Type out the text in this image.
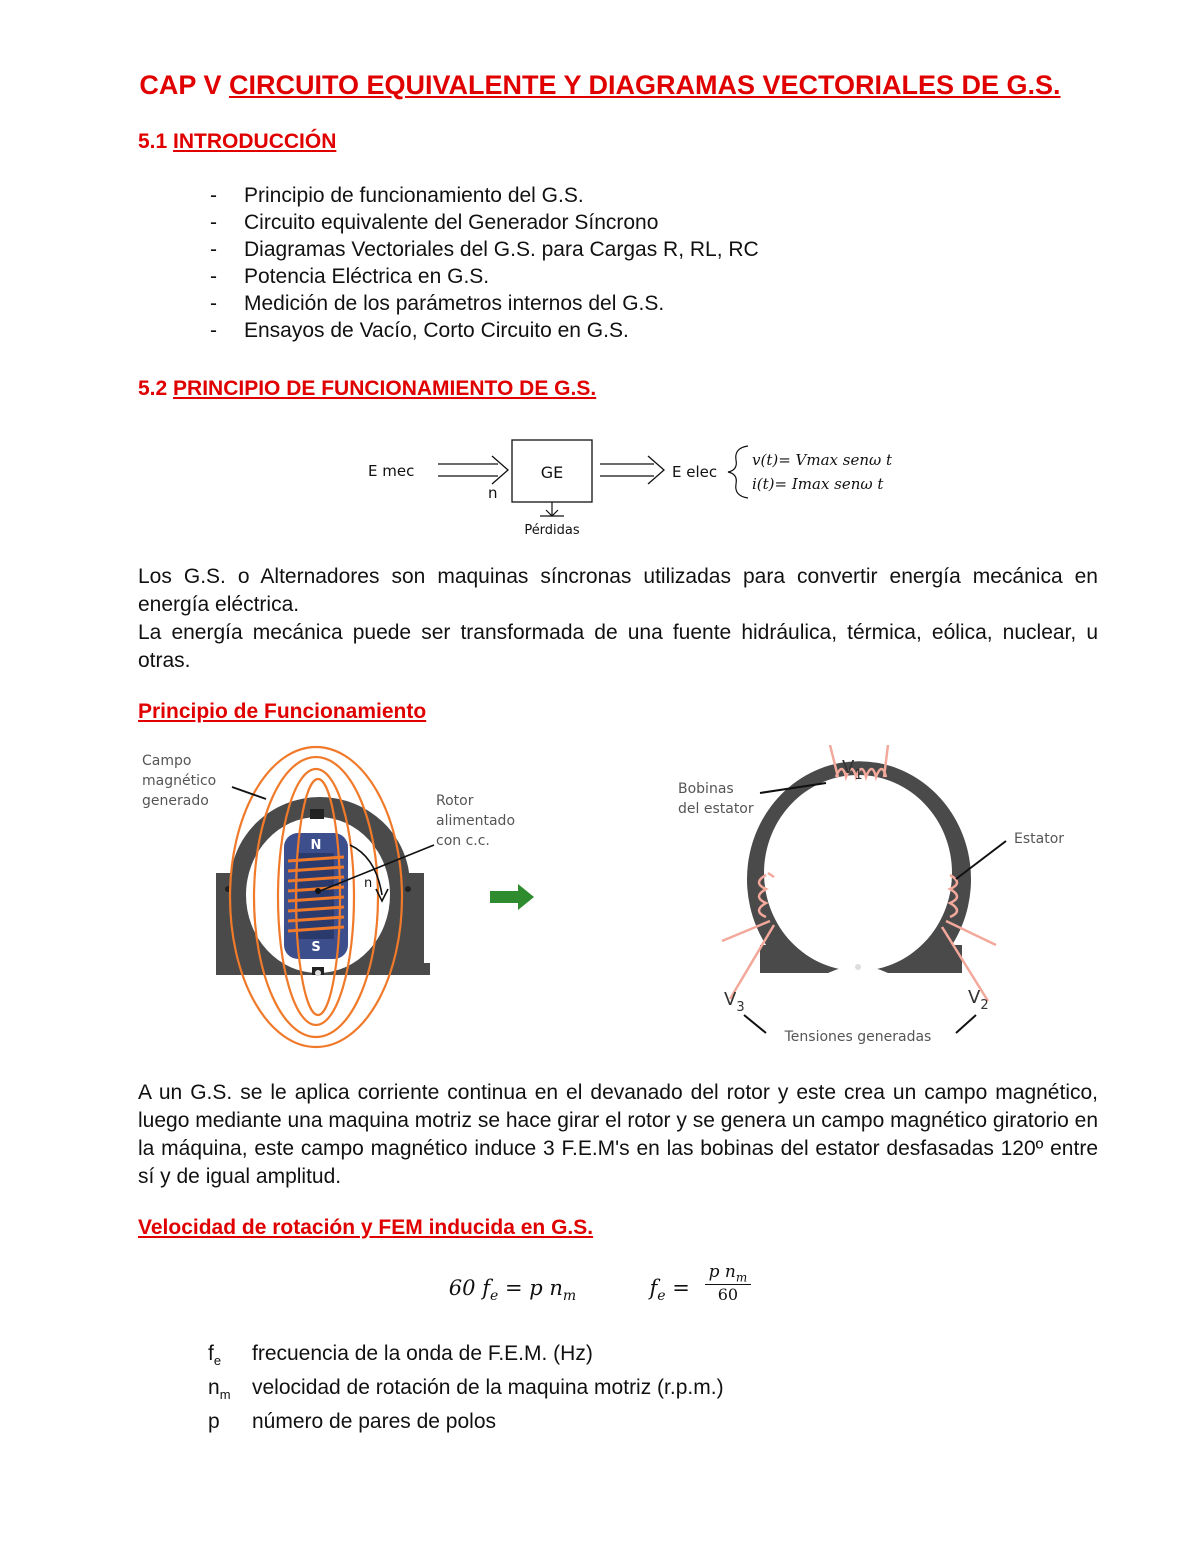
CAP V CIRCUITO EQUIVALENTE Y DIAGRAMAS VECTORIALES DE G.S.
5.1 INTRODUCCIÓN
- Principio de funcionamiento del G.S.
- Circuito equivalente del Generador Síncrono
- Diagramas Vectoriales del G.S. para Cargas R, RL, RC
- Potencia Eléctrica en G.S.
- Medición de los parámetros internos del G.S.
- Ensayos de Vacío, Corto Circuito en G.S.
5.2 PRINCIPIO DE FUNCIONAMIENTO DE G.S.
E mec
n
GE
Pérdidas
E elec
v(t)= Vmax senω t
i(t)= Imax senω t
Los G.S. o Alternadores son maquinas síncronas utilizadas para convertir energía mecánica en energía eléctrica.
La energía mecánica puede ser transformada de una fuente hidráulica, térmica, eólica, nuclear, u otras.
Principio de Funcionamiento
N
S
n
Campo
magnético
generado	Rotor
alimentado
con c.c.
Bobinas
del estator
Estator
$V_1$
$V_3$	$V_2$
Tensiones generadas
A un G.S. se le aplica corriente continua en el devanado del rotor y este crea un campo magnético, luego mediante una maquina motriz se hace girar el rotor y se genera un campo magnético giratorio en la máquina, este campo magnético induce 3 F.E.M's en las bobinas del estator desfasadas 120º entre sí y de igual amplitud.
Velocidad de rotación y FEM inducida en G.S.
60 $f_e = p$ $n_m$	$f_e = \frac{p n_m}{60}$
$f_e$ frecuencia de la onda de F.E.M. (Hz)
$n_m$ velocidad de rotación de la maquina motriz (r.p.m.)
p número de pares de polos
